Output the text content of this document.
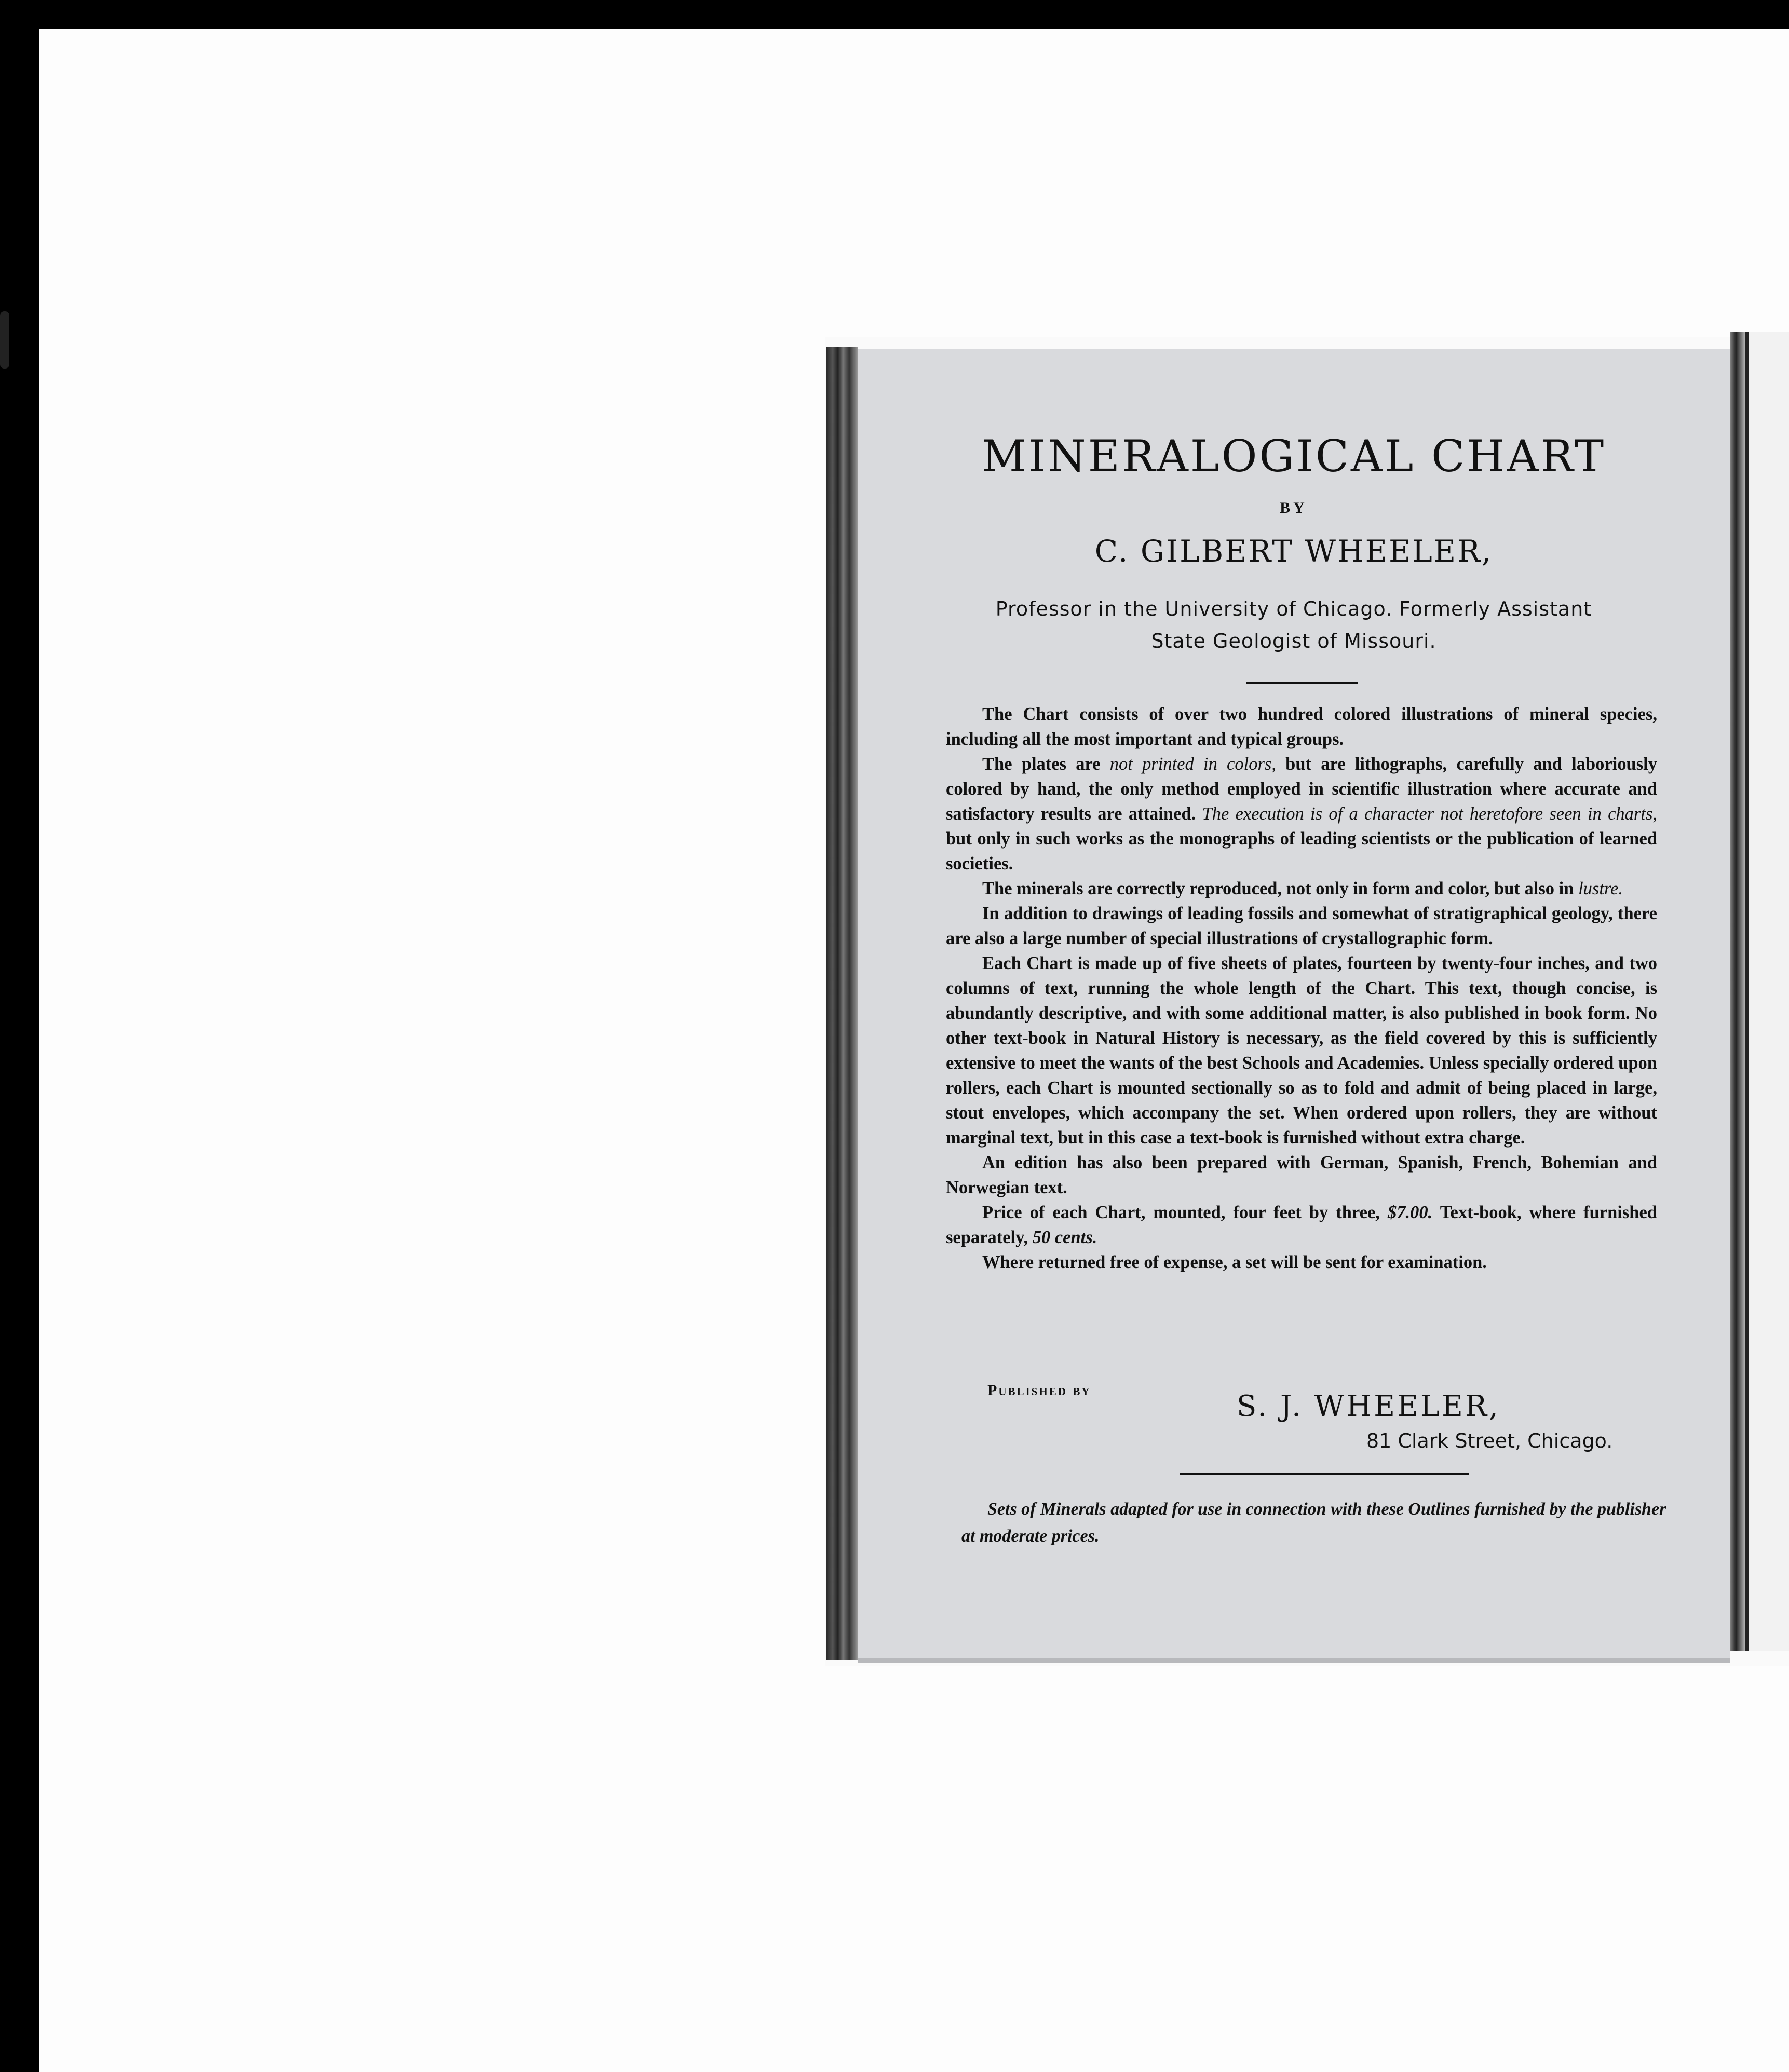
MINERALOGICAL CHART
BY
C. GILBERT WHEELER,
Professor in the University of Chicago. Formerly Assistant
State Geologist of Missouri.

The Chart consists of over two hundred colored illustrations of mineral species, including all the most important and typical groups.

The plates are not printed in colors, but are lithographs, carefully and laboriously colored by hand, the only method employed in scientific illustration where accurate and satisfactory results are attained. The execution is of a character not heretofore seen in charts, but only in such works as the monographs of leading scientists or the publication of learned societies.

The minerals are correctly reproduced, not only in form and color, but also in lustre.

In addition to drawings of leading fossils and somewhat of stratigraphical geology, there are also a large number of special illustrations of crystallographic form.

Each Chart is made up of five sheets of plates, fourteen by twenty-four inches, and two columns of text, running the whole length of the Chart. This text, though concise, is abundantly descriptive, and with some additional matter, is also published in book form. No other text-book in Natural History is necessary, as the field covered by this is sufficiently extensive to meet the wants of the best Schools and Academies. Unless specially ordered upon rollers, each Chart is mounted sectionally so as to fold and admit of being placed in large, stout envelopes, which accompany the set. When ordered upon rollers, they are without marginal text, but in this case a text-book is furnished without extra charge.

An edition has also been prepared with German, Spanish, French, Bohemian and Norwegian text.

Price of each Chart, mounted, four feet by three, $7.00. Text-book, where furnished separately, 50 cents.

Where returned free of expense, a set will be sent for examination.

Published by	S. J. WHEELER,
81 Clark Street, Chicago.

Sets of Minerals adapted for use in connection with these Outlines furnished by the publisher at moderate prices.
